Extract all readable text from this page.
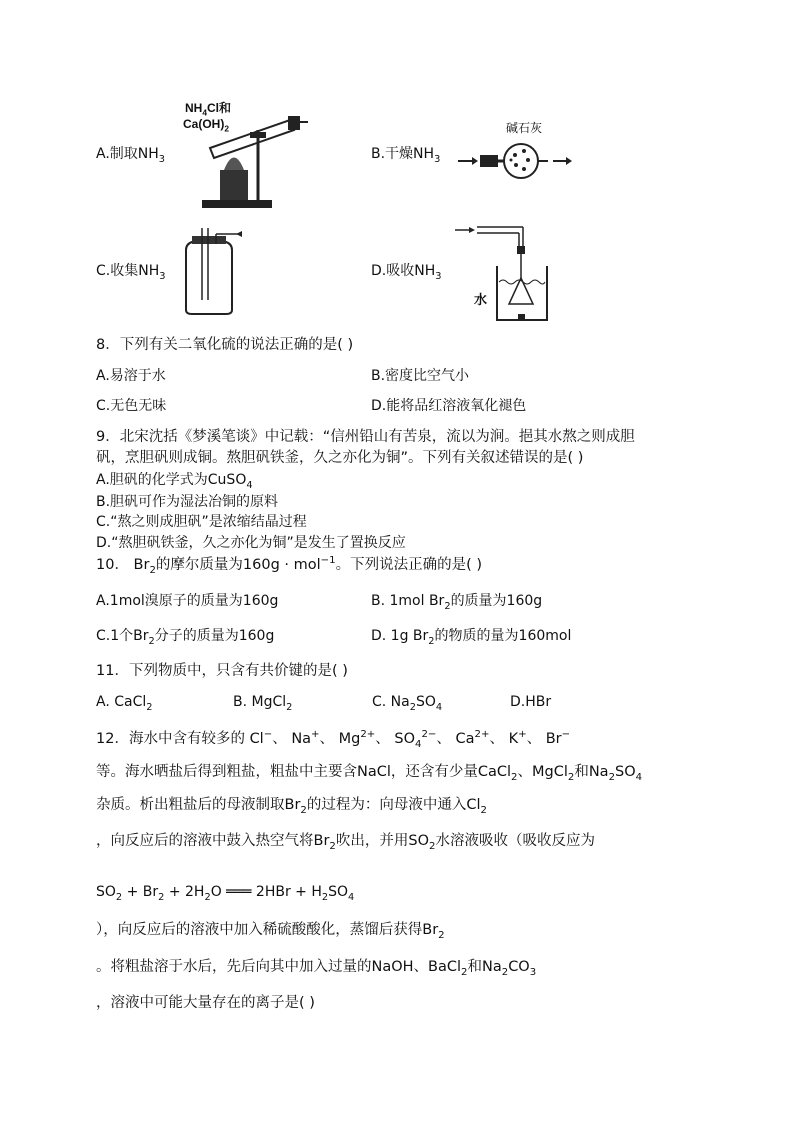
$NH_4Cl$和
$Ca(OH)_2$
A.制取$NH_3$
碱石灰
B.干燥$NH_3$
C.收集$NH_3$
水
D.吸收$NH_3$
8．下列有关二氧化硫的说法正确的是( )
A.易溶于水	B.密度比空气小
C.无色无味	D.能将品红溶液氧化褪色
9．北宋沈括《梦溪笔谈》中记载：“信州铅山有苦泉，流以为涧。挹其水熬之则成胆
矾，烹胆矾则成铜。熬胆矾铁釜，久之亦化为铜”。下列有关叙述错误的是( )
A.胆矾的化学式为CuSO$_4$
B.胆矾可作为湿法冶铜的原料
C.“熬之则成胆矾”是浓缩结晶过程
D.“熬胆矾铁釜，久之亦化为铜”是发生了置换反应
10． $Br_2$的摩尔质量为160g · mol$^{-1}$。下列说法正确的是( )
A.1mol溴原子的质量为160g	B. 1mol $Br_2$的质量为160g
C.1个$Br_2$分子的质量为160g	D. 1g $Br_2$的物质的量为160mol
11．下列物质中，只含有共价键的是( )
A. CaCl$_2$	B. MgCl$_2$	C. $Na_2SO_4$	D.HBr
12．海水中含有较多的 Cl−、 Na+、 $Mg^{2+}$、 $SO_4^{2-}$、 $Ca^{2+}$、 K+、 Br−
等。海水晒盐后得到粗盐，粗盐中主要含NaCl，还含有少量CaCl$_2$、MgCl$_2$和$Na_2SO_4$
杂质。析出粗盐后的母液制取$Br_2$的过程为：向母液中通入$Cl_2$
，向反应后的溶液中鼓入热空气将$Br_2$吹出，并用$SO_2$水溶液吸收（吸收反应为
$SO_2 + Br_2 + 2H_2O$ ═══ $2HBr + H_2SO_4$
），向反应后的溶液中加入稀硫酸酸化，蒸馏后获得$Br_2$
。将粗盐溶于水后，先后向其中加入过量的NaOH、BaCl$_2$和$Na_2CO_3$
，溶液中可能大量存在的离子是( )
